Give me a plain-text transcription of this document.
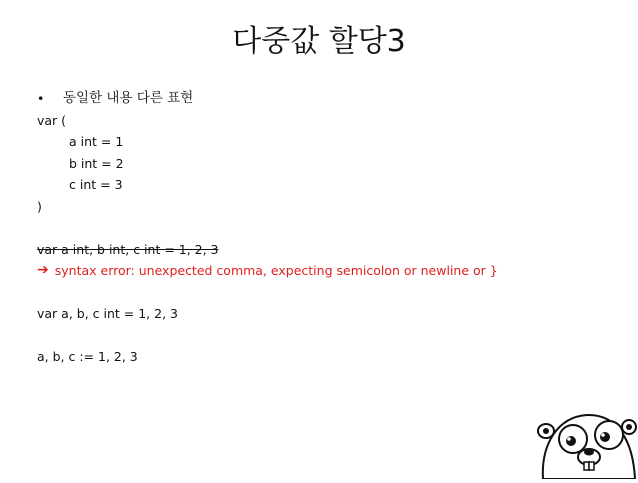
다중값 할당3
• 동일한 내용 다른 표현
var (
a int = 1
b int = 2
c int = 3
)
var a int, b int, c int = 1, 2, 3
➔ syntax error: unexpected comma, expecting semicolon or newline or }
var a, b, c int = 1, 2, 3
a, b, c := 1, 2, 3
